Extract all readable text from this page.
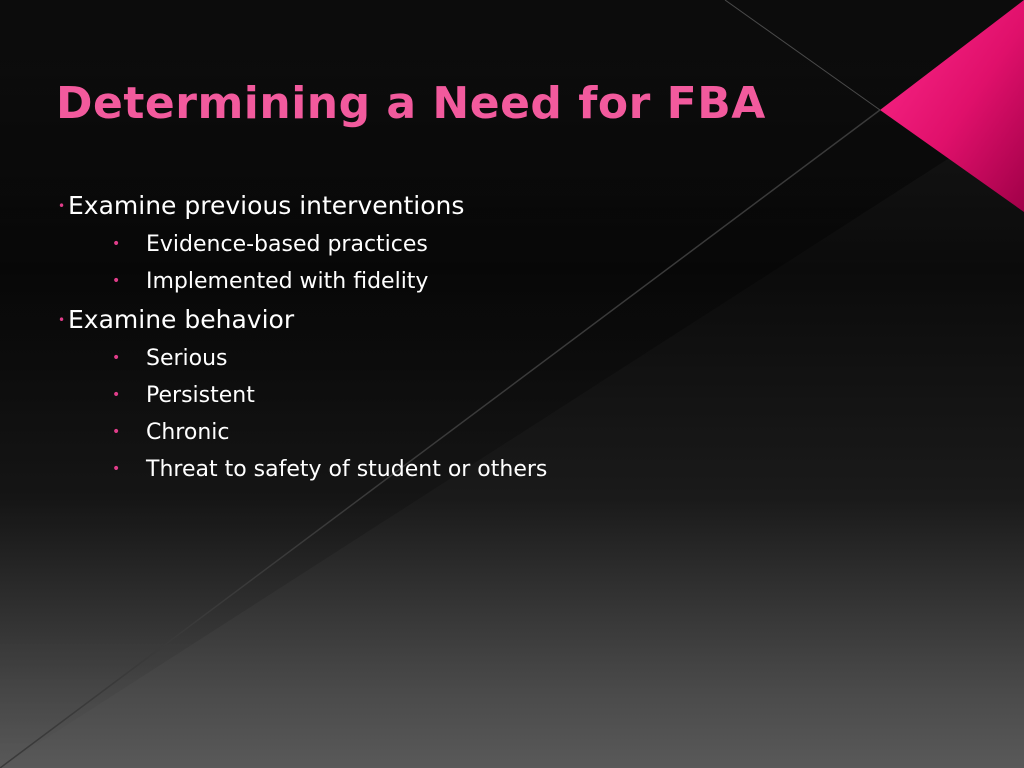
Determining a Need for FBA
• Examine previous interventions
• Evidence-based practices
• Implemented with fidelity
• Examine behavior
• Serious
• Persistent
• Chronic
• Threat to safety of student or others
